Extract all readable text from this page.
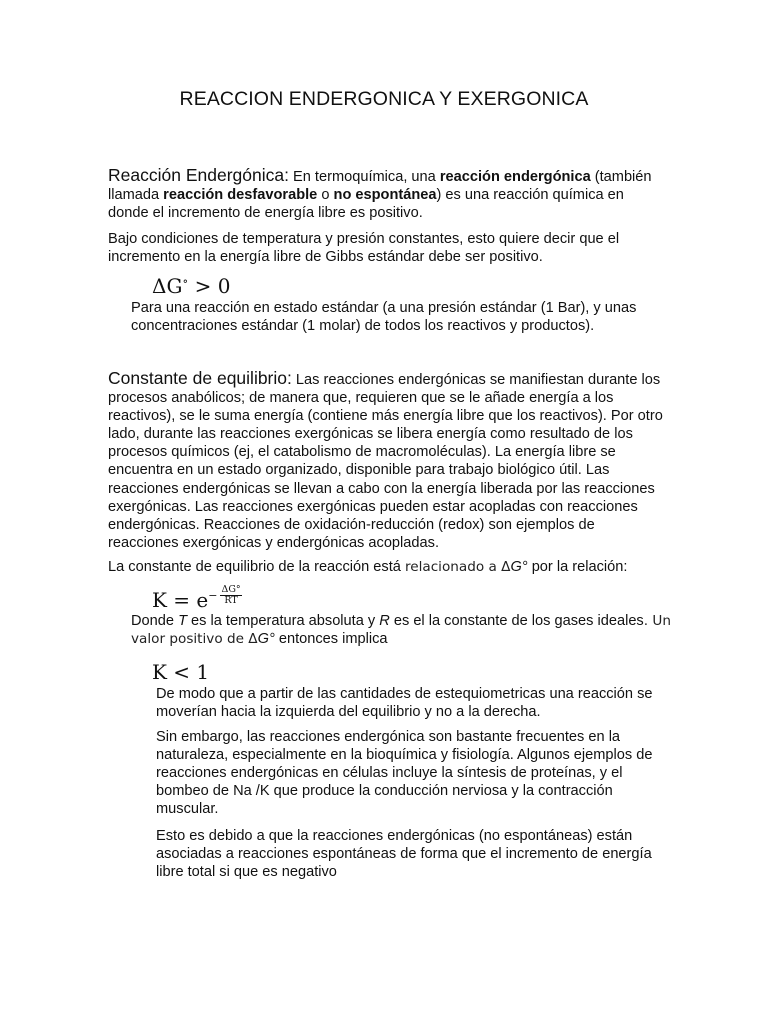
REACCION ENDERGONICA Y EXERGONICA
Reacción Endergónica: En termoquímica, una reacción endergónica (también llamada reacción desfavorable o no espontánea) es una reacción química en donde el incremento de energía libre es positivo.
Bajo condiciones de temperatura y presión constantes, esto quiere decir que el incremento en la energía libre de Gibbs estándar debe ser positivo.
ΔG∘ > 0
Para una reacción en estado estándar (a una presión estándar (1 Bar), y unas concentraciones estándar (1 molar) de todos los reactivos y productos).
Constante de equilibrio: Las reacciones endergónicas se manifiestan durante los procesos anabólicos; de manera que, requieren que se le añade energía a los reactivos), se le suma energía (contiene más energía libre que los reactivos). Por otro lado, durante las reacciones exergónicas se libera energía como resultado de los procesos químicos (ej, el catabolismo de macromoléculas). La energía libre se encuentra en un estado organizado, disponible para trabajo biológico útil. Las reacciones endergónicas se llevan a cabo con la energía liberada por las reacciones exergónicas. Las reacciones exergónicas pueden estar acopladas con reacciones endergónicas. Reacciones de oxidación-reducción (redox) son ejemplos de reacciones exergónicas y endergónicas acopladas.
La constante de equilibrio de la reacción está relacionado a ΔG° por la relación:
$K = e - \frac{\Delta G^\circ}{RT}$
Donde T es la temperatura absoluta y R es el la constante de los gases ideales. Un valor positivo de ΔG° entonces implica
K < 1
De modo que a partir de las cantidades de estequiometricas una reacción se moverían hacia la izquierda del equilibrio y no a la derecha.
Sin embargo, las reacciones endergónica son bastante frecuentes en la naturaleza, especialmente en la bioquímica y fisiología. Algunos ejemplos de reacciones endergónicas en células incluye la síntesis de proteínas, y el bombeo de Na /K que produce la conducción nerviosa y la contracción muscular.
Esto es debido a que la reacciones endergónicas (no espontáneas) están asociadas a reacciones espontáneas de forma que el incremento de energía libre total si que es negativo
